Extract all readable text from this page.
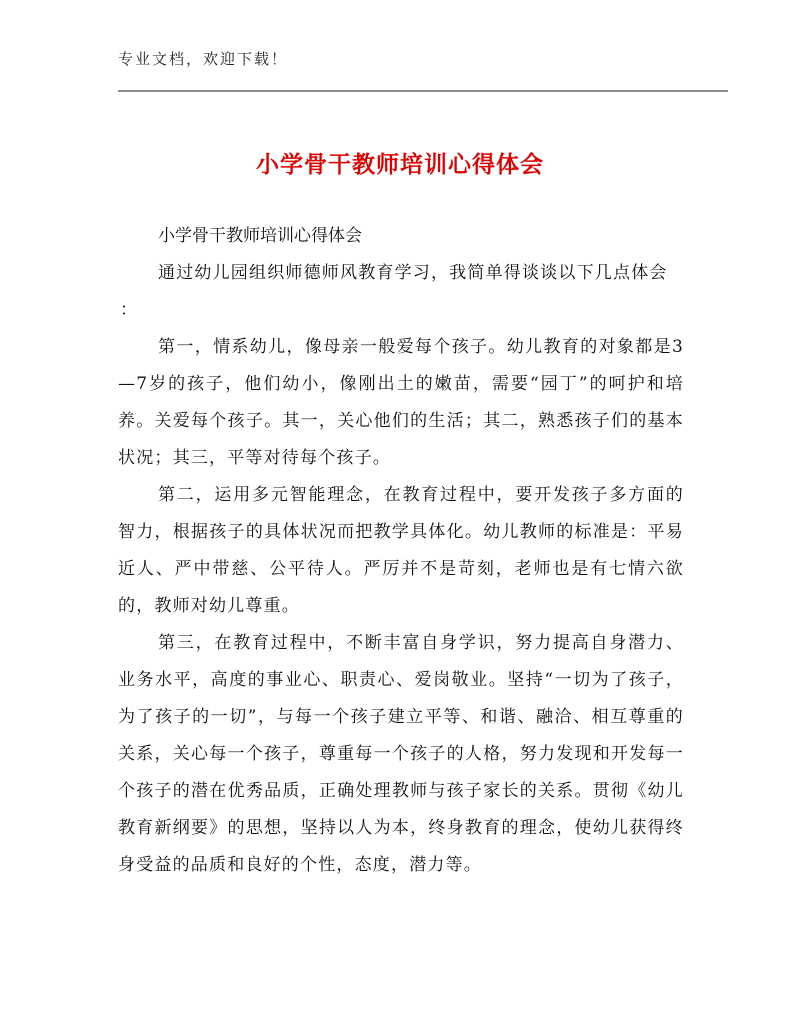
专业文档，欢迎下载！
小学骨干教师培训心得体会
小学骨干教师培训心得体会

通过幼儿园组织师德师风教育学习，我简单得谈谈以下几点体会

：

第一，情系幼儿，像母亲一般爱每个孩子。幼儿教育的对象都是3—7岁的孩子，他们幼小，像刚出土的嫩苗，需要“园丁”的呵护和培养。关爱每个孩子。其一，关心他们的生活；其二，熟悉孩子们的基本状况；其三，平等对待每个孩子。

第二，运用多元智能理念，在教育过程中，要开发孩子多方面的智力，根据孩子的具体状况而把教学具体化。幼儿教师的标准是：平易近人、严中带慈、公平待人。严厉并不是苛刻，老师也是有七情六欲的，教师对幼儿尊重。

第三，在教育过程中，不断丰富自身学识，努力提高自身潜力、业务水平，高度的事业心、职责心、爱岗敬业。坚持“一切为了孩子，为了孩子的一切”，与每一个孩子建立平等、和谐、融洽、相互尊重的关系，关心每一个孩子，尊重每一个孩子的人格，努力发现和开发每一个孩子的潜在优秀品质，正确处理教师与孩子家长的关系。贯彻《幼儿教育新纲要》的思想，坚持以人为本，终身教育的理念，使幼儿获得终身受益的品质和良好的个性，态度，潜力等。
